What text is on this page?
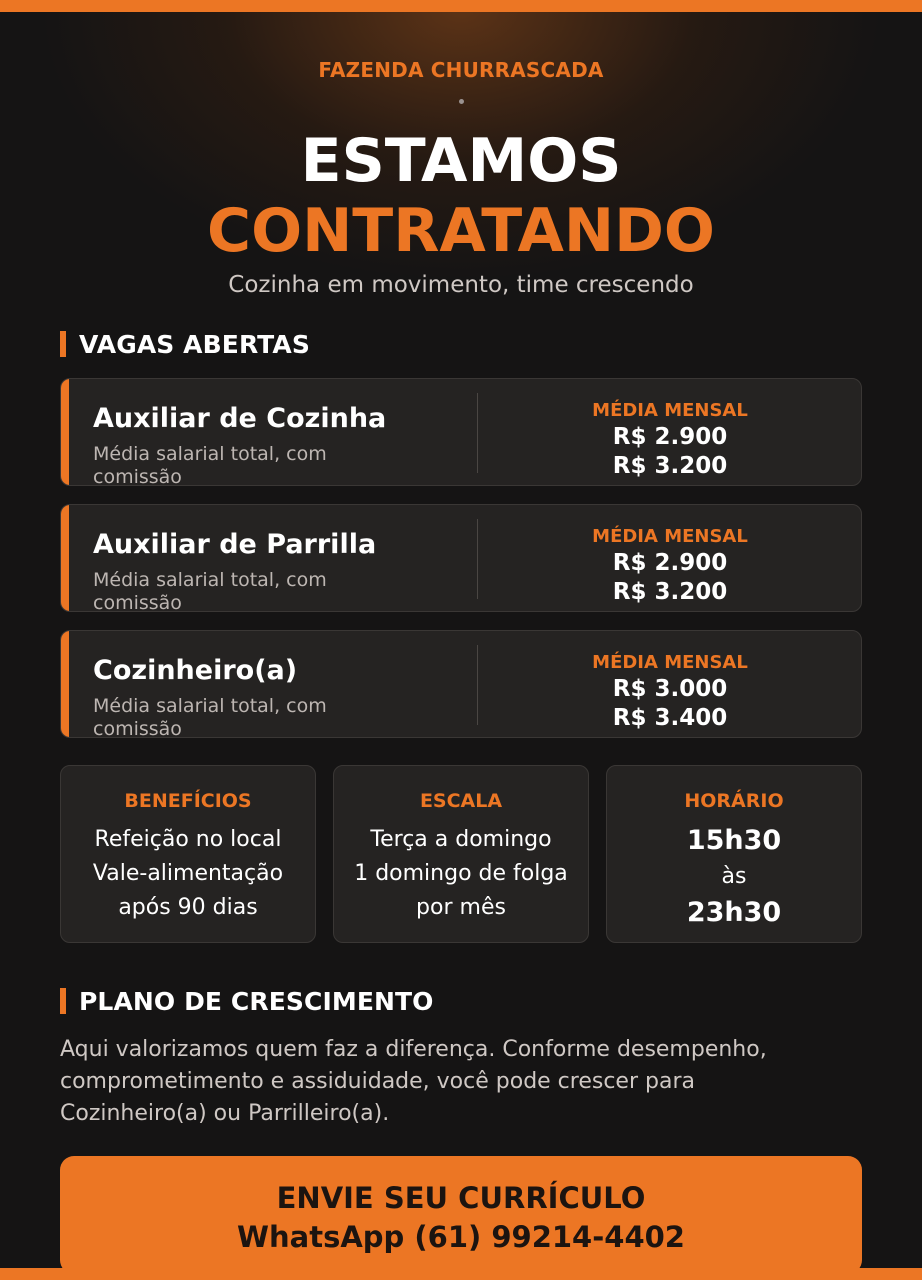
FAZENDA CHURRASCADA
ESTAMOS
CONTRATANDO
Cozinha em movimento, time crescendo
VAGAS ABERTAS
Auxiliar de Cozinha
Média salarial total, com comissão
MÉDIA MENSAL
R$ 2.900
R$ 3.200
Auxiliar de Parrilla
Média salarial total, com comissão
MÉDIA MENSAL
R$ 2.900
R$ 3.200
Cozinheiro(a)
Média salarial total, com comissão
MÉDIA MENSAL
R$ 3.000
R$ 3.400
BENEFÍCIOS
Refeição no local
Vale-alimentação
após 90 dias
ESCALA
Terça a domingo
1 domingo de folga
por mês
HORÁRIO
15h30
às
23h30
PLANO DE CRESCIMENTO
Aqui valorizamos quem faz a diferença. Conforme desempenho, comprometimento e assiduidade, você pode crescer para Cozinheiro(a) ou Parrilleiro(a).
ENVIE SEU CURRÍCULO
WhatsApp (61) 99214-4402
